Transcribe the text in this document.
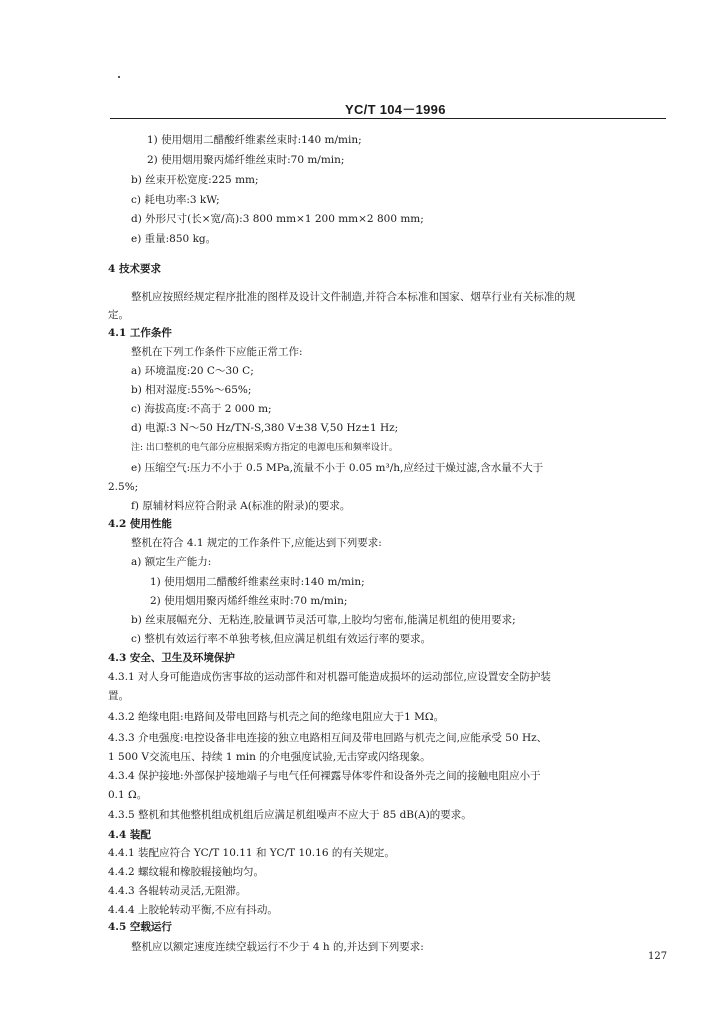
YC/T 104－1996
1) 使用烟用二醋酸纤维素丝束时:140 m/min;
2) 使用烟用聚丙烯纤维丝束时:70 m/min;
b) 丝束开松宽度:225 mm;
c) 耗电功率:3 kW;
d) 外形尺寸(长×宽/高):3 800 mm×1 200 mm×2 800 mm;
e) 重量:850 kg。
4 技术要求
整机应按照经规定程序批准的图样及设计文件制造,并符合本标准和国家、烟草行业有关标准的规
定。
4.1 工作条件
整机在下列工作条件下应能正常工作:
a) 环境温度:20 C～30 C;
b) 相对湿度:55%～65%;
c) 海拔高度:不高于 2 000 m;
d) 电源:3 N～50 Hz/TN-S,380 V±38 V,50 Hz±1 Hz;
注: 出口整机的电气部分应根据采购方指定的电源电压和频率设计。
e) 压缩空气:压力不小于 0.5 MPa,流量不小于 0.05 m³/h,应经过干燥过滤,含水量不大于
2.5%;
f) 原辅材料应符合附录 A(标准的附录)的要求。
4.2 使用性能
整机在符合 4.1 规定的工作条件下,应能达到下列要求:
a) 额定生产能力:
1) 使用烟用二醋酸纤维素丝束时:140 m/min;
2) 使用烟用聚丙烯纤维丝束时:70 m/min;
b) 丝束展幅充分、无粘连,胶量调节灵活可靠,上胶均匀密布,能满足机组的使用要求;
c) 整机有效运行率不单独考核,但应满足机组有效运行率的要求。
4.3 安全、卫生及环境保护
4.3.1 对人身可能造成伤害事故的运动部件和对机器可能造成损坏的运动部位,应设置安全防护装
置。
4.3.2 绝缘电阻:电路间及带电回路与机壳之间的绝缘电阻应大于1 MΩ。
4.3.3 介电强度:电控设备非电连接的独立电路相互间及带电回路与机壳之间,应能承受 50 Hz、
1 500 V交流电压、持续 1 min 的介电强度试验,无击穿或闪络现象。
4.3.4 保护接地:外部保护接地端子与电气任何裸露导体零件和设备外壳之间的接触电阻应小于
0.1 Ω。
4.3.5 整机和其他整机组成机组后应满足机组噪声不应大于 85 dB(A)的要求。
4.4 装配
4.4.1 装配应符合 YC/T 10.11 和 YC/T 10.16 的有关规定。
4.4.2 螺纹辊和橡胶辊接触均匀。
4.4.3 各辊转动灵活,无阻滞。
4.4.4 上胶轮转动平衡,不应有抖动。
4.5 空载运行
整机应以额定速度连续空载运行不少于 4 h 的,并达到下列要求:
127
